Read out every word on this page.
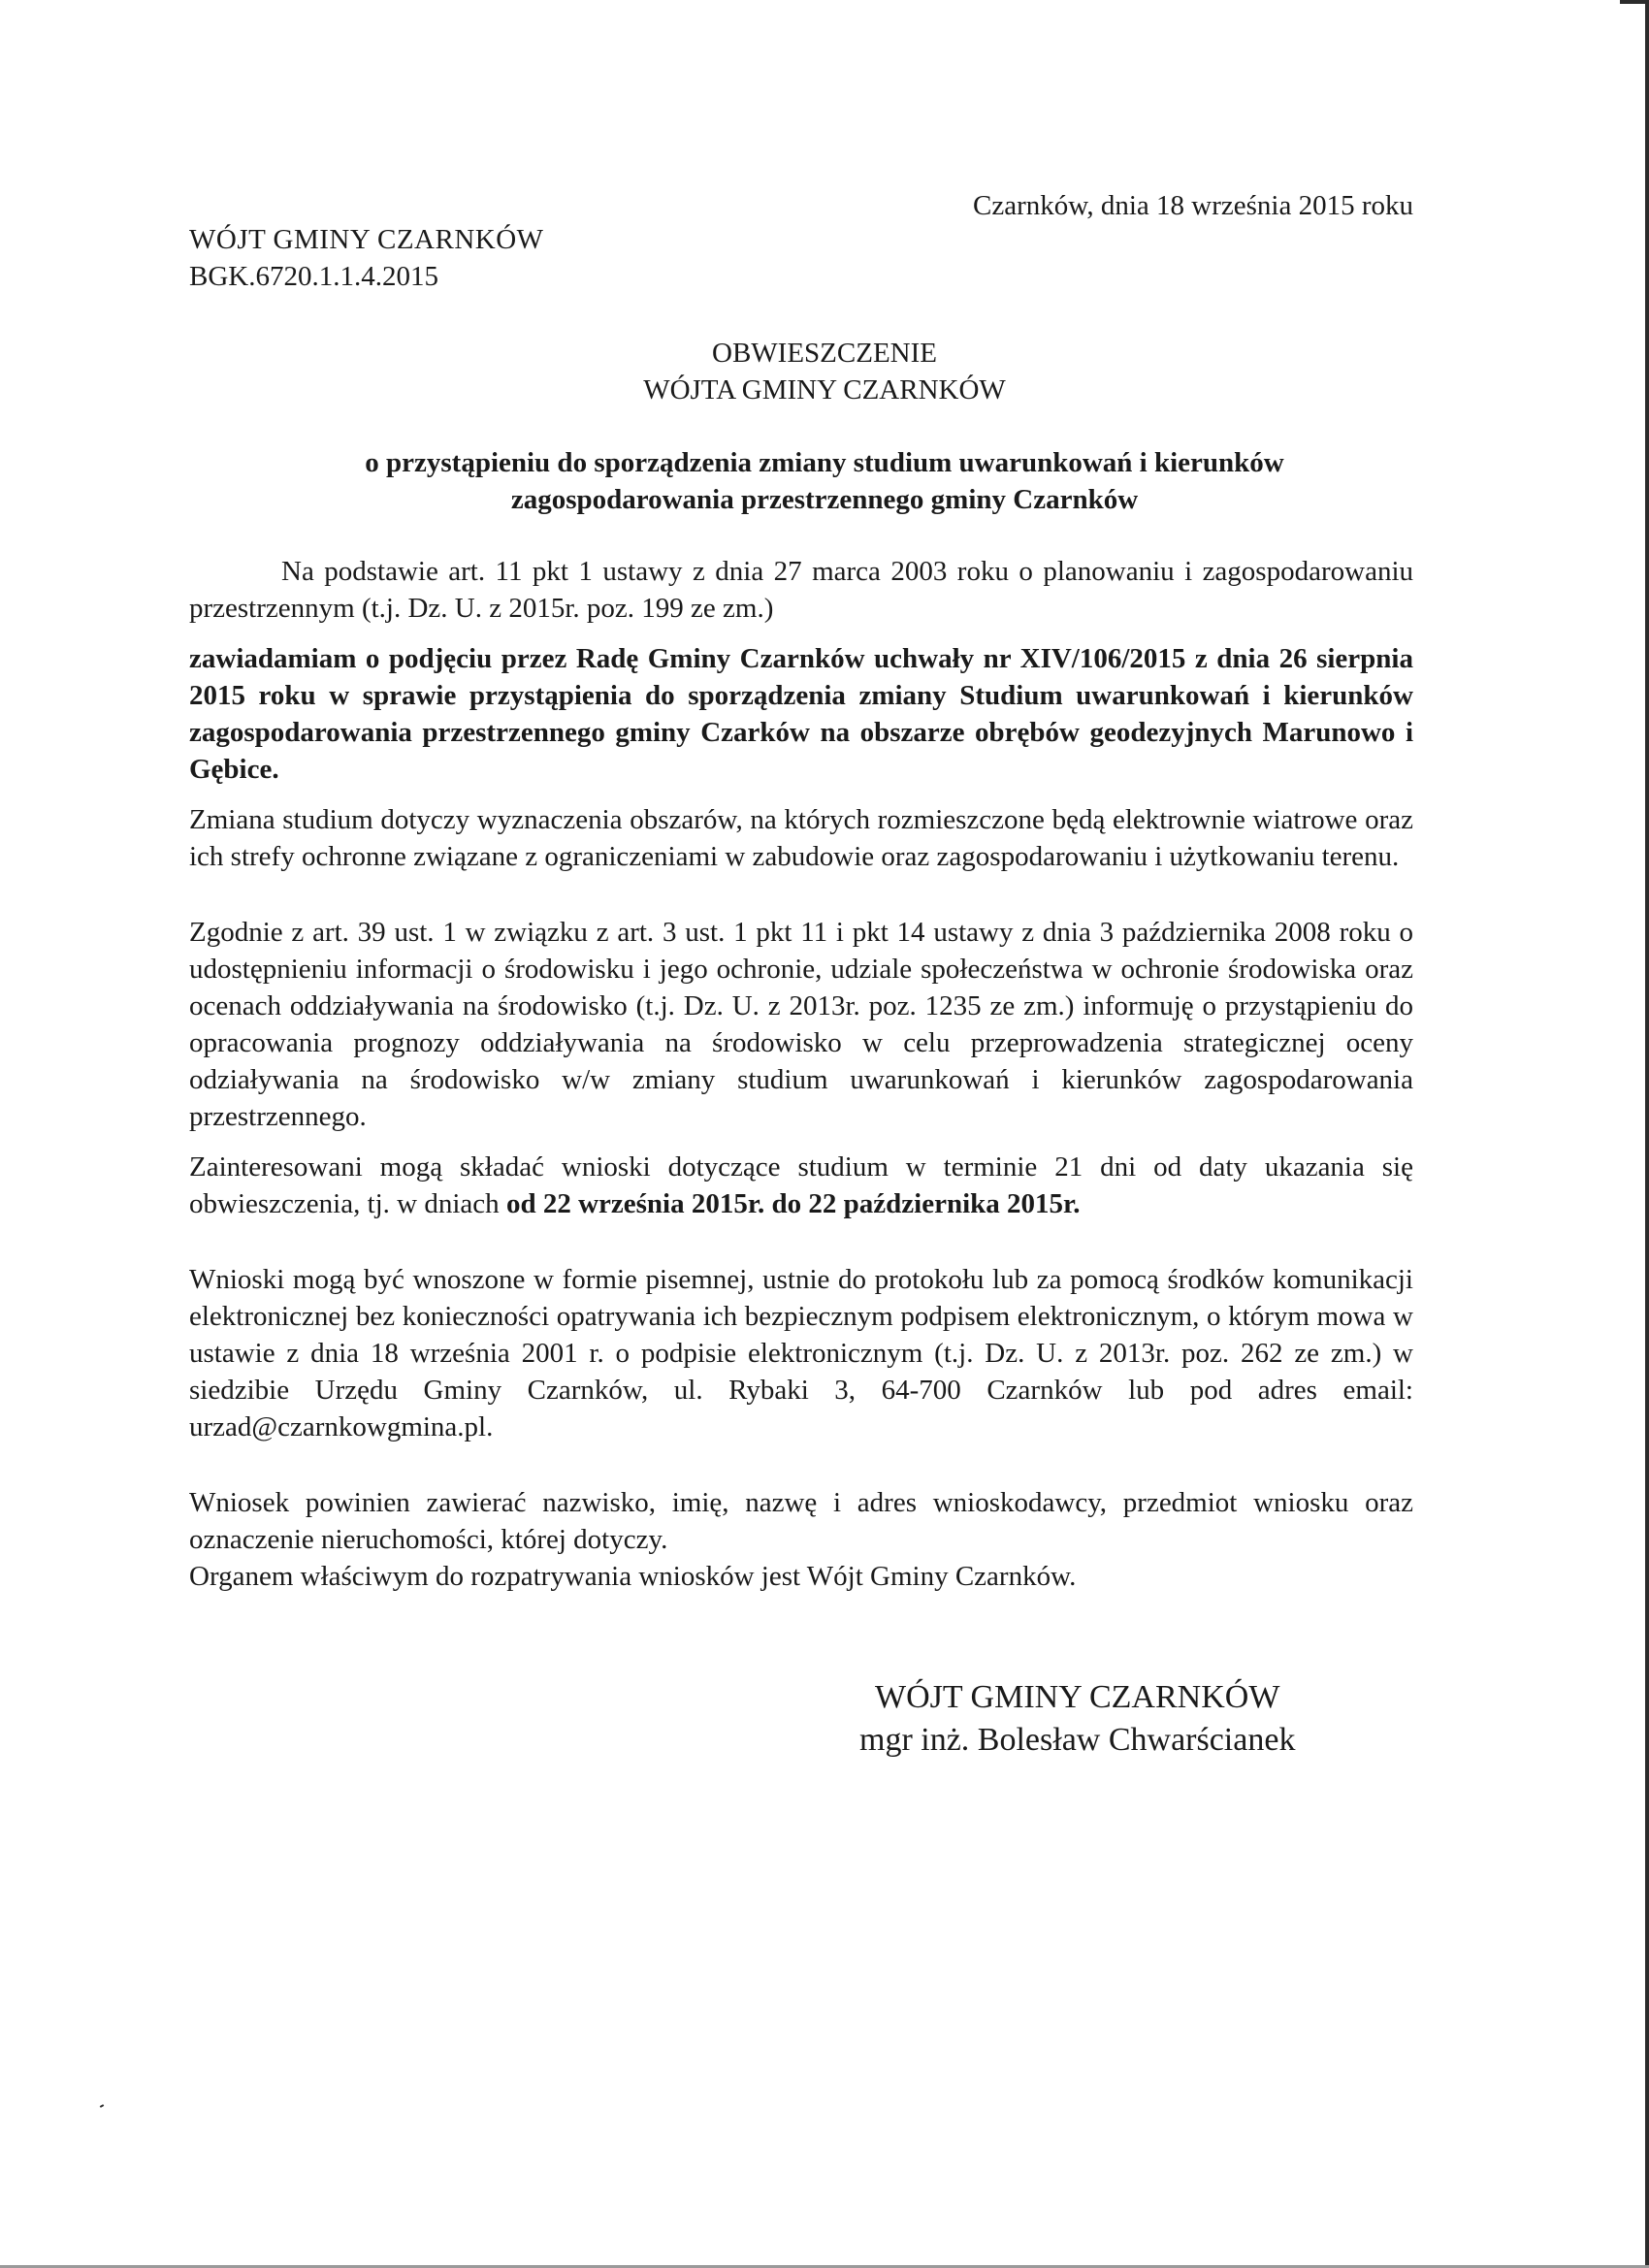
Czarnków, dnia 18 września 2015 roku
WÓJT GMINY CZARNKÓW
BGK.6720.1.1.4.2015
OBWIESZCZENIE
WÓJTA GMINY CZARNKÓW
o przystąpieniu do sporządzenia zmiany studium uwarunkowań i kierunków
zagospodarowania przestrzennego gminy Czarnków

Na podstawie art. 11 pkt 1 ustawy z dnia 27 marca 2003 roku o planowaniu i zagospodarowaniu przestrzennym (t.j. Dz. U. z 2015r. poz. 199 ze zm.)

zawiadamiam o podjęciu przez Radę Gminy Czarnków uchwały nr XIV/106/2015 z dnia 26 sierpnia 2015 roku w sprawie przystąpienia do sporządzenia zmiany Studium uwarunkowań i kierunków zagospodarowania przestrzennego gminy Czarków na obszarze obrębów geodezyjnych Marunowo i Gębice.

Zmiana studium dotyczy wyznaczenia obszarów, na których rozmieszczone będą elektrownie wiatrowe oraz ich strefy ochronne związane z ograniczeniami w zabudowie oraz zagospodarowaniu i użytkowaniu terenu.

Zgodnie z art. 39 ust. 1 w związku z art. 3 ust. 1 pkt 11 i pkt 14 ustawy z dnia 3 października 2008 roku o udostępnieniu informacji o środowisku i jego ochronie, udziale społeczeństwa w ochronie środowiska oraz ocenach oddziaływania na środowisko (t.j. Dz. U. z 2013r. poz. 1235 ze zm.) informuję o przystąpieniu do opracowania prognozy oddziaływania na środowisko w celu przeprowadzenia strategicznej oceny odziaływania na środowisko w/w zmiany studium uwarunkowań i kierunków zagospodarowania przestrzennego.

Zainteresowani mogą składać wnioski dotyczące studium w terminie 21 dni od daty ukazania się obwieszczenia, tj. w dniach od 22 września 2015r. do 22 października 2015r.

Wnioski mogą być wnoszone w formie pisemnej, ustnie do protokołu lub za pomocą środków komunikacji elektronicznej bez konieczności opatrywania ich bezpiecznym podpisem elektronicznym, o którym mowa w ustawie z dnia 18 września 2001 r. o podpisie elektronicznym (t.j. Dz. U. z 2013r. poz. 262 ze zm.) w siedzibie Urzędu Gminy Czarnków, ul. Rybaki 3, 64-700 Czarnków lub pod adres email: urzad@czarnkowgmina.pl.

Wniosek powinien zawierać nazwisko, imię, nazwę i adres wnioskodawcy, przedmiot wniosku oraz oznaczenie nieruchomości, której dotyczy.

Organem właściwym do rozpatrywania wniosków jest Wójt Gminy Czarnków.

WÓJT GMINY CZARNKÓW
mgr inż. Bolesław Chwarścianek
